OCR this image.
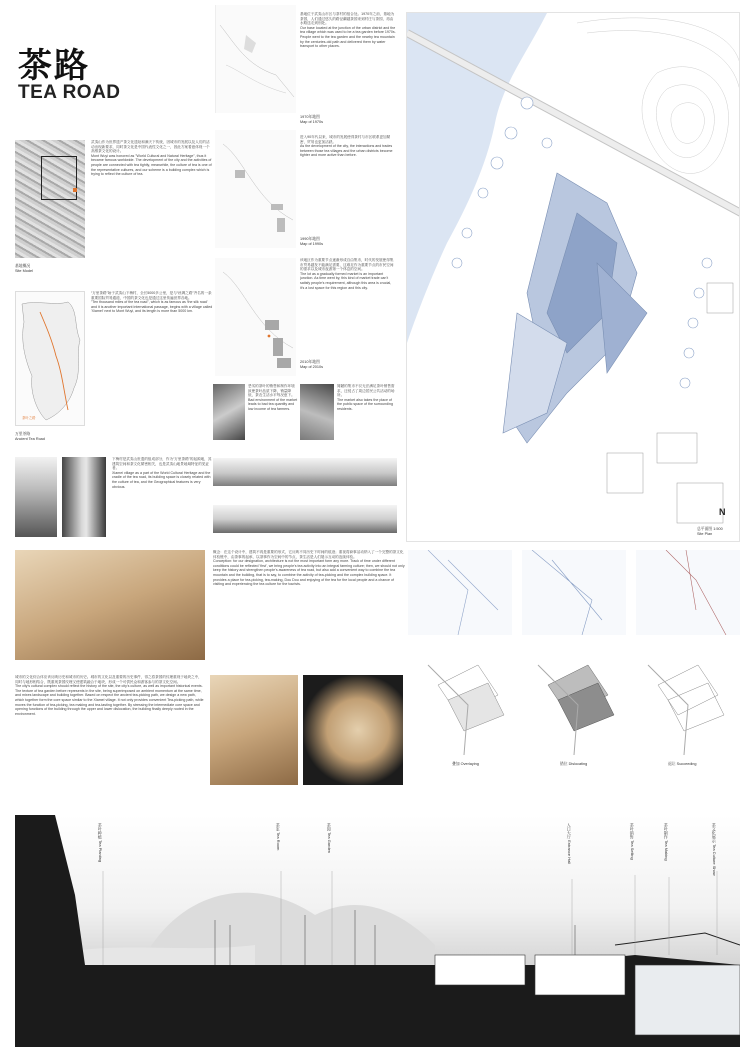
茶路
TEA ROAD
基地概况
Site Model
武夷山作为世界遗产茶文化遗址和满天下传统，因城市的发展以及人们的活动出现新要求，同时茶文化是中国代表性文化之一，因此方案着意体现一个高维茶文化的设计。
Mont Wuyi was honored as "World Cultural and Natural Heritage", thus it became famous worldwide. The development of the city and the activities of people are connected with tea tightly, meanwhile, the culture of tea is one of the representative cultures, and our scheme is a building complex which is trying to reflect the culture of tea.
茶叶之路
万里茶路
Ancient Tea Road
“万里茶路”始于武夷山下梅村，全长5000多公里，是与“丝绸之路”齐名的一条重要国际贸易通道，中国的茶文化也是通过这里传遍世界各地。
"Ten thousand miles of the tea road", which is as famous as 'the silk road' and it is another important international passage, begins with a village called 'Xiamei' next to Mont Wuyi, and its length is more than 5000 km.
下梅村是武夷山世遗的组成部分，作为“万里茶路”的起源地，其建筑空间和茶文化紧密相关，也是武夷山地景地域特征的见证者。
Xiamei village as a part of the World Cultural Heritage and the cradle of the tea road, its building space is closely related with the culture of tea, and the Geographical features is very obvious.
1970年地图
Map of 1970s
基地位于武夷山市区与茶村的组合处。1970年之前，基地为茶园，人们通过悠久的路径翻越茶园来到村庄与茶园，再由水路送走到别处。
Our base located at the junction of the urban district and the tea village which was used to be a tea garden before 1970s. People went to the tea garden and the nearby tea mountain by the centuries-old path and delivered them by water transport to other places.
1990年地图
Map of 1990s
进入90年代以来，城市的发展使得茶村与市区联系更加紧密，贸易也更加活跃。
As the development of the city, the interactions and trades between those tea villages and the urban districts become tighter and more active than before.
2010年地图
Map of 2010s
该地区作为重要节点逐渐形成自由集市，时代的发展使得集市贸易越发不能满足需要，这难足作为重要节点的市民空间的需求以及城市夜游第一个休息的空间。
The lot as a gradually formed market is an important junction. As time went by, this kind of market trade can't satisfy people's requirement, although this area is crucial, it's a lost space for this region and this city.
恶劣的茶叶的销售和制作环境致使茶叶品质下降，销量降低，茶农生活水平每况愈下。
Bad environment of the market leads to bad tea quantity and low income of tea farmers.
简陋的集市不仅无法满足茶叶销售需求，还侵占了周边居民公共活动的场所。
The market also takes the place of the public space of the surrounding residents.
N
总平面图 1:500
Site Plan
概念：在这个设计中，建筑不再是重要的形式，它反映不同历史下时间的痕迹；重视将商事活动纳入了一个完整的茶文化体验链中，由茶事的起承，以茶事作为空间中的节点，茶生活是人们展示互动的连续体验。
Conception: for our designation, architecture is not the most important form any more. Track of time under different conditions could be reflected 'first', we bring people's tea activity into an integral farming culture; then, we should not only keep the history and strengthen people's awareness of tea road, but also add a convenient way to combine the tea mountain and the building, that is to say, to combine the activity of tea-picking and the complex building space. It provides a place for tea-picking, tea-making, Dou Dou and enjoying of the tea for the local people and a chance of visiting and experiencing the tea culture for the tourists.
城市的文化综合体应该反映历史和城市的历史。城市的文化以及重要的历史事件，得之将茶园的纹理重现于地块之中，同时与地形相结合，既重现茶园纹理又使建筑融合于地块，形成一个可供民众和游客参与的茶文化空间。
The city's cultural complex should reflect the history of the site, the city's culture, as well as important historical events. The texture of tea garden before represents in the site, being superimposed on ambient momentum at the same time, and mixes landscape and building together. Based on respect the ancient tea-picking path, we design a new path, which together form the core space similar to the Xiamei village. It not only provides convenient Tea-picking path, while moves the function of tea-picking, tea making and tea-tasting together. By stressing the intermediate core space and opening functions of the building through the upper and lower dislocation, the building finally deeply rooted in the environment.
叠加 Overlaying	错位 Dislocating	退让 Succeeding
茶叶种植 Tea Planting
茶室 Tea Room
茶园 Tea Garden
入口大厅 Entrance Hall
茶叶销售 Tea Selling
茶叶制作 Tea Making
茶文化展示 Tea Culture Show
